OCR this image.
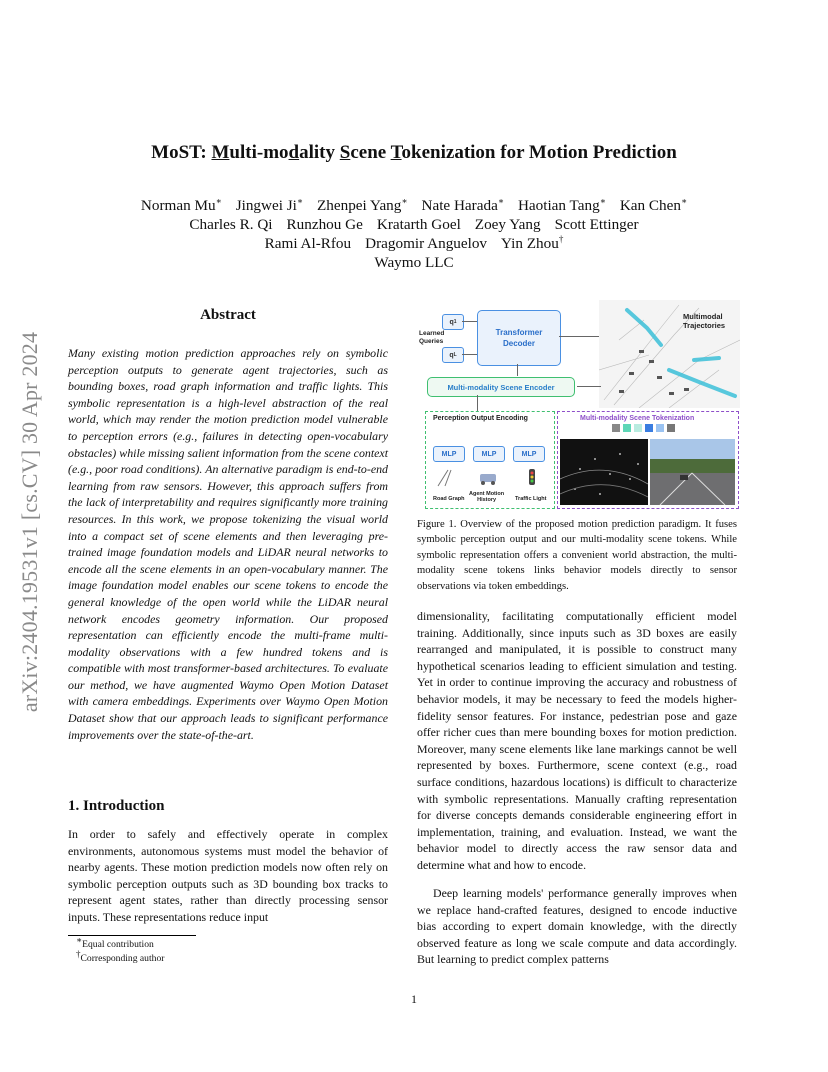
arXiv:2404.19531v1 [cs.CV] 30 Apr 2024
MoST: Multi-modality Scene Tokenization for Motion Prediction
Norman Mu∗ Jingwei Ji∗ Zhenpei Yang∗ Nate Harada∗ Haotian Tang∗ Kan Chen∗
Charles R. Qi Runzhou Ge Kratarth Goel Zoey Yang Scott Ettinger
Rami Al-Rfou Dragomir Anguelov Yin Zhou†
Waymo LLC
Abstract
Many existing motion prediction approaches rely on symbolic perception outputs to generate agent trajectories, such as bounding boxes, road graph information and traffic lights. This symbolic representation is a high-level abstraction of the real world, which may render the motion prediction model vulnerable to perception errors (e.g., failures in detecting open-vocabulary obstacles) while missing salient information from the scene context (e.g., poor road conditions). An alternative paradigm is end-to-end learning from raw sensors. However, this approach suffers from the lack of interpretability and requires significantly more training resources. In this work, we propose tokenizing the visual world into a compact set of scene elements and then leveraging pre-trained image foundation models and LiDAR neural networks to encode all the scene elements in an open-vocabulary manner. The image foundation model enables our scene tokens to encode the general knowledge of the open world while the LiDAR neural network encodes geometry information. Our proposed representation can efficiently encode the multi-frame multi-modality observations with a few hundred tokens and is compatible with most transformer-based architectures. To evaluate our method, we have augmented Waymo Open Motion Dataset with camera embeddings. Experiments over Waymo Open Motion Dataset show that our approach leads to significant performance improvements over the state-of-the-art.
1. Introduction
In order to safely and effectively operate in complex environments, autonomous systems must model the behavior of nearby agents. These motion prediction models now often rely on symbolic perception outputs such as 3D bounding box tracks to represent agent states, rather than directly processing sensor inputs. These representations reduce input
∗Equal contribution
†Corresponding author
Learned
Queries
q 1
q L
Transformer
Decoder
Multimodal
Trajectories
Multi-modality Scene Encoder
Perception Output Encoding
MLP	MLP	MLP
Road Graph
Agent Motion
History	Traffic Light
Multi-modality Scene Tokenization
Figure 1. Overview of the proposed motion prediction paradigm. It fuses symbolic perception output and our multi-modality scene tokens. While symbolic representation offers a convenient world abstraction, the multi-modality scene tokens links behavior models directly to sensor observations via token embeddings.
dimensionality, facilitating computationally efficient model training. Additionally, since inputs such as 3D boxes are easily rearranged and manipulated, it is possible to construct many hypothetical scenarios leading to efficient simulation and testing. Yet in order to continue improving the accuracy and robustness of behavior models, it may be necessary to feed the models higher-fidelity sensor features. For instance, pedestrian pose and gaze offer richer cues than mere bounding boxes for motion prediction. Moreover, many scene elements like lane markings cannot be well represented by boxes. Furthermore, scene context (e.g., road surface conditions, hazardous locations) is difficult to characterize with symbolic representations. Manually crafting representation for diverse concepts demands considerable engineering effort in implementation, training, and evaluation. Instead, we want the behavior model to directly access the raw sensor data and determine what and how to encode.
Deep learning models' performance generally improves when we replace hand-crafted features, designed to encode inductive bias according to expert domain knowledge, with the directly observed feature as long we scale compute and data accordingly. But learning to predict complex patterns
1
